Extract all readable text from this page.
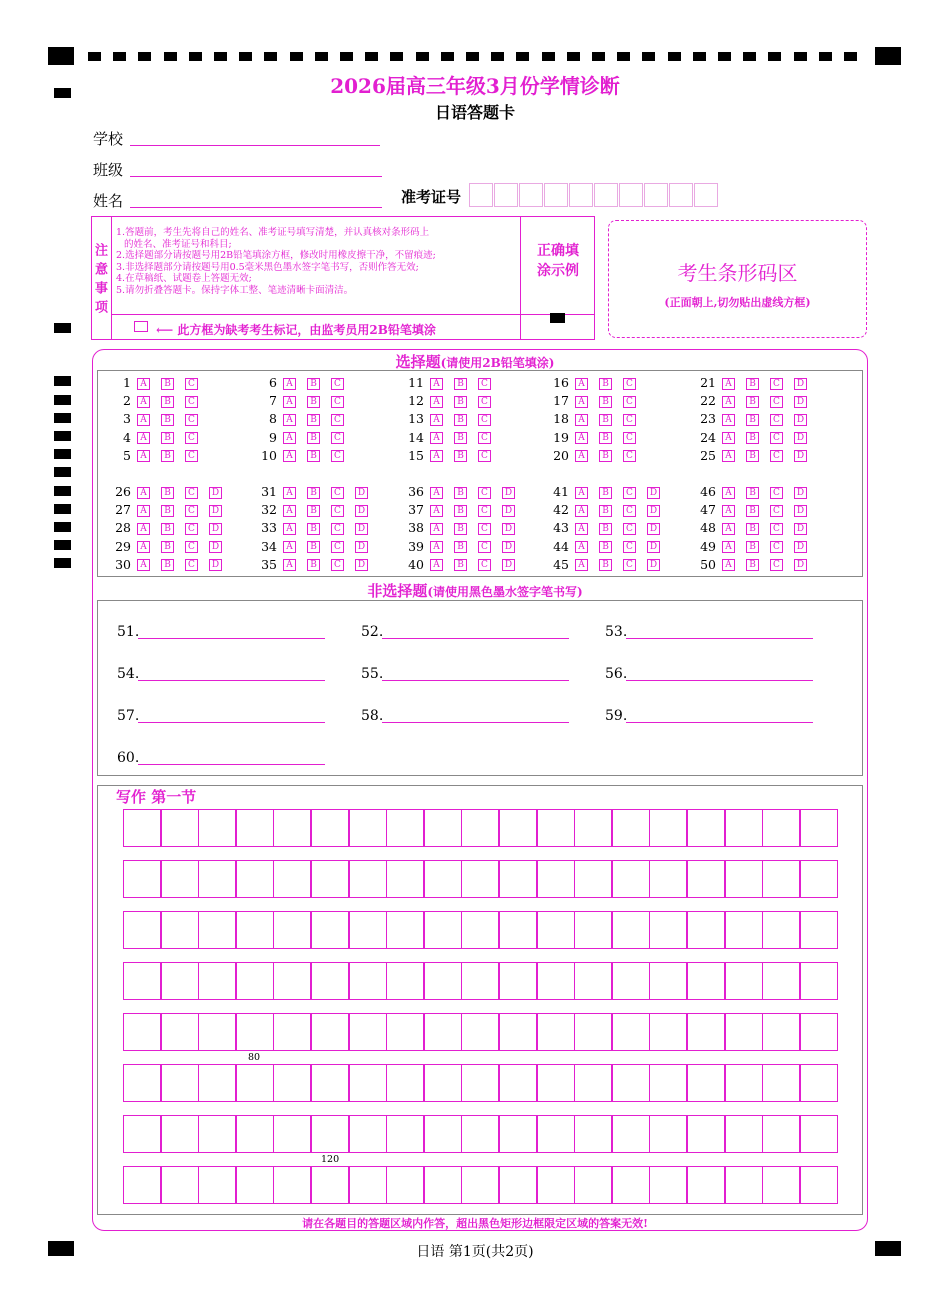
2026届高三年级3月份学情诊断
日语答题卡
学校
班级
姓名	准考证号
注意事项
1.答题前，考生先将自己的姓名、准考证号填写清楚，并认真核对条形码上
的姓名、准考证号和科目;
2.选择题部分请按题号用2B铅笔填涂方框，修改时用橡皮擦干净，不留痕迹;
3.非选择题部分请按题号用0.5毫米黑色墨水签字笔书写，否则作答无效;
4.在草稿纸、试题卷上答题无效;
5.请勿折叠答题卡。保持字体工整、笔迹清晰卡面清洁。
⟵ 此方框为缺考考生标记，由监考员用2B铅笔填涂
正确填涂示例	考生条形码区
(正面朝上,切勿贴出虚线方框)
选择题(请使用2B铅笔填涂)
1 A B C
2 A B C
3 A B C
4 A B C
5 A B C
6 A B C
7 A B C
8 A B C
9 A B C
10 A B C
11 A B C
12 A B C
13 A B C
14 A B C
15 A B C
16 A B C
17 A B C
18 A B C
19 A B C
20 A B C
21 A B C D
22 A B C D
23 A B C D
24 A B C D
25 A B C D
26 A B C D
27 A B C D
28 A B C D
29 A B C D
30 A B C D
31 A B C D
32 A B C D
33 A B C D
34 A B C D
35 A B C D
36 A B C D
37 A B C D
38 A B C D
39 A B C D
40 A B C D
41 A B C D
42 A B C D
43 A B C D
44 A B C D
45 A B C D
46 A B C D
47 A B C D
48 A B C D
49 A B C D
50 A B C D
非选择题(请使用黑色墨水签字笔书写)
51.	52.	53.
54.	55.	56.
57.	58.	59.
60.
写作 第一节
80
120
请在各题目的答题区域内作答，超出黑色矩形边框限定区域的答案无效!
日语 第1页(共2页)
